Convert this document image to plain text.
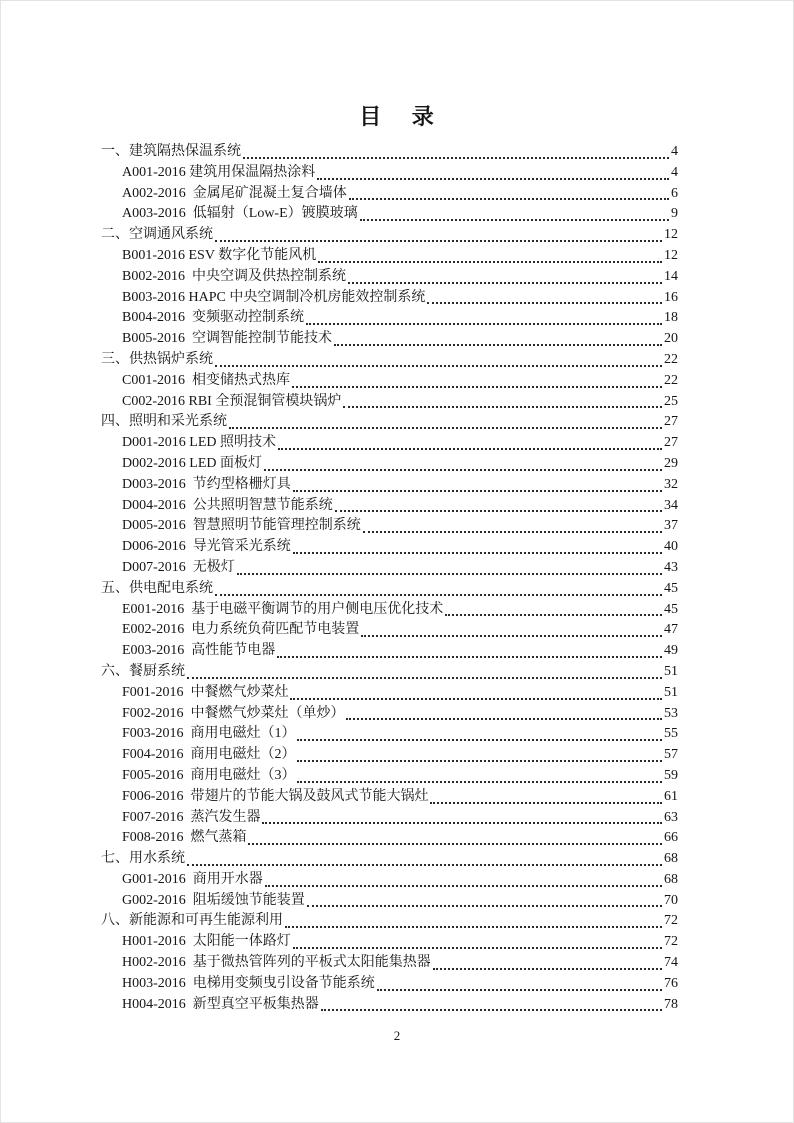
目　 录
一、建筑隔热保温系统	4
A001-2016 建筑用保温隔热涂料	4
A002-2016  金属尾矿混凝土复合墙体	6
A003-2016  低辐射（Low-E）镀膜玻璃	9
二、空调通风系统	12
B001-2016 ESV 数字化节能风机	12
B002-2016  中央空调及供热控制系统	14
B003-2016 HAPC 中央空调制冷机房能效控制系统	16
B004-2016  变频驱动控制系统	18
B005-2016  空调智能控制节能技术	20
三、供热锅炉系统	22
C001-2016  相变储热式热库	22
C002-2016 RBI 全预混铜管模块锅炉	25
四、照明和采光系统	27
D001-2016 LED 照明技术	27
D002-2016 LED 面板灯	29
D003-2016  节约型格栅灯具	32
D004-2016  公共照明智慧节能系统	34
D005-2016  智慧照明节能管理控制系统	37
D006-2016  导光管采光系统	40
D007-2016  无极灯	43
五、供电配电系统	45
E001-2016  基于电磁平衡调节的用户侧电压优化技术	45
E002-2016  电力系统负荷匹配节电装置	47
E003-2016  高性能节电器	49
六、餐厨系统	51
F001-2016  中餐燃气炒菜灶	51
F002-2016  中餐燃气炒菜灶（单炒）	53
F003-2016  商用电磁灶（1）	55
F004-2016  商用电磁灶（2）	57
F005-2016  商用电磁灶（3）	59
F006-2016  带翅片的节能大锅及鼓风式节能大锅灶	61
F007-2016  蒸汽发生器	63
F008-2016  燃气蒸箱	66
七、用水系统	68
G001-2016  商用开水器	68
G002-2016  阻垢缓蚀节能装置	70
八、新能源和可再生能源利用	72
H001-2016  太阳能一体路灯	72
H002-2016  基于微热管阵列的平板式太阳能集热器	74
H003-2016  电梯用变频曳引设备节能系统	76
H004-2016  新型真空平板集热器	78
2
